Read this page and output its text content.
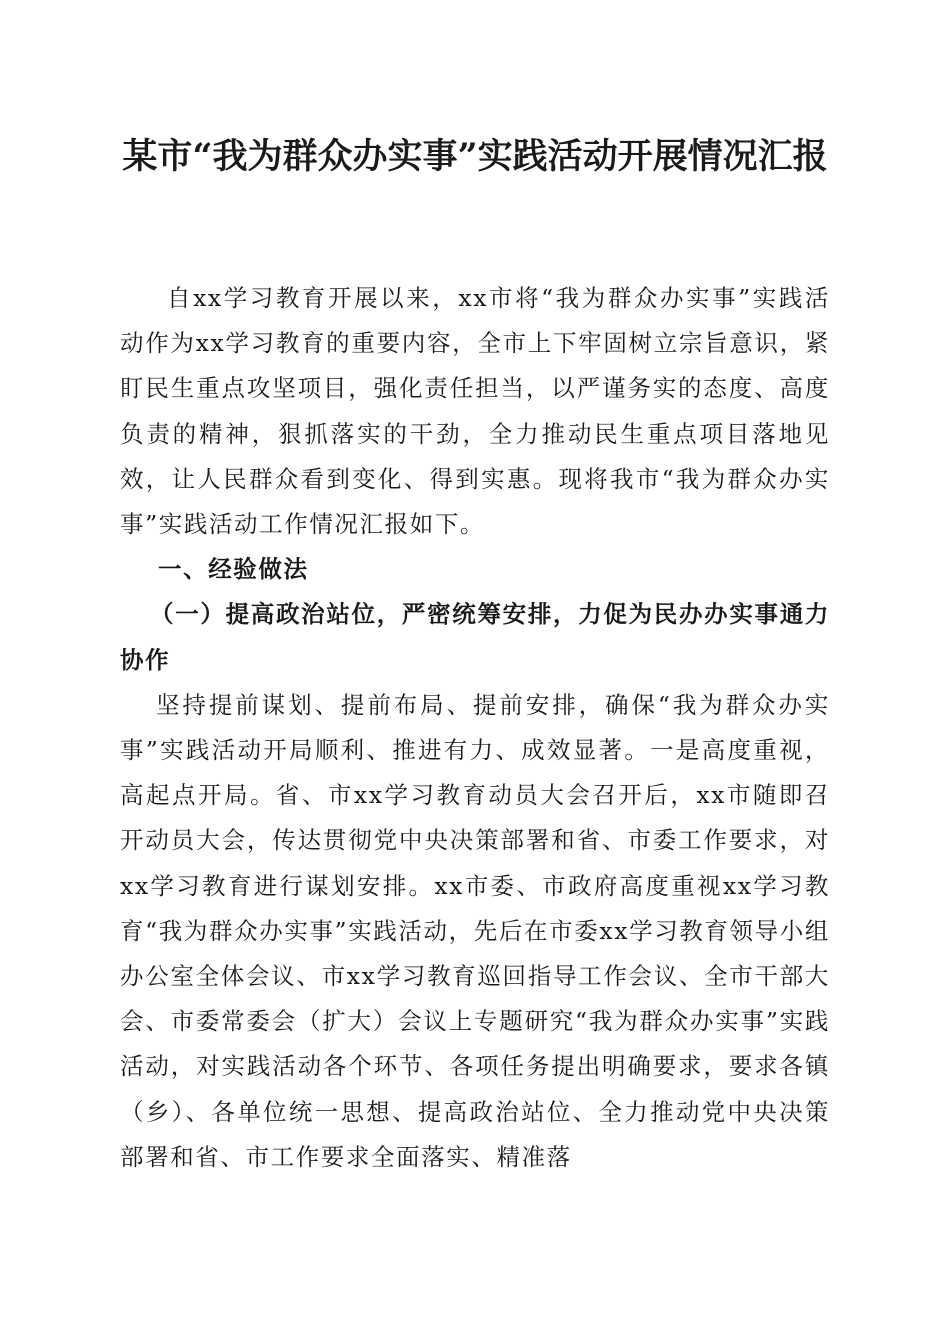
某市“我为群众办实事”实践活动开展情况汇报

自xx学习教育开展以来，xx市将“我为群众办实事”实践活动作为xx学习教育的重要内容，全市上下牢固树立宗旨意识，紧盯民生重点攻坚项目，强化责任担当，以严谨务实的态度、高度负责的精神，狠抓落实的干劲，全力推动民生重点项目落地见效，让人民群众看到变化、得到实惠。现将我市“我为群众办实事”实践活动工作情况汇报如下。

一、经验做法

（一）提高政治站位，严密统筹安排，力促为民办办实事通力协作

坚持提前谋划、提前布局、提前安排，确保“我为群众办实事”实践活动开局顺利、推进有力、成效显著。一是高度重视，高起点开局。省、市xx学习教育动员大会召开后，xx市随即召开动员大会，传达贯彻党中央决策部署和省、市委工作要求，对xx学习教育进行谋划安排。xx市委、市政府高度重视xx学习教育“我为群众办实事”实践活动，先后在市委xx学习教育领导小组办公室全体会议、市xx学习教育巡回指导工作会议、全市干部大会、市委常委会（扩大）会议上专题研究“我为群众办实事”实践活动，对实践活动各个环节、各项任务提出明确要求，要求各镇（乡）、各单位统一思想、提高政治站位、全力推动党中央决策部署和省、市工作要求全面落实、精准落
